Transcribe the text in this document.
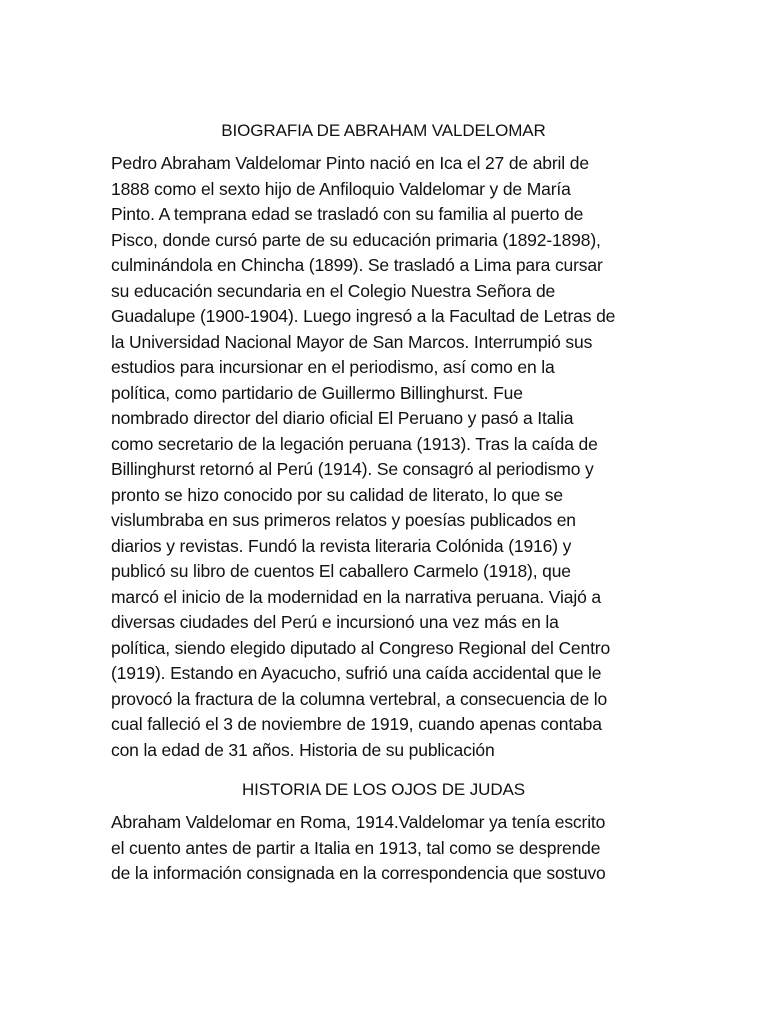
BIOGRAFIA DE ABRAHAM VALDELOMAR
Pedro Abraham Valdelomar Pinto nació en Ica el 27 de abril de
1888 como el sexto hijo de Anfiloquio Valdelomar y de María
Pinto. A temprana edad se trasladó con su familia al puerto de
Pisco, donde cursó parte de su educación primaria (1892-1898),
culminándola en Chincha (1899). Se trasladó a Lima para cursar
su educación secundaria en el Colegio Nuestra Señora de
Guadalupe (1900-1904). Luego ingresó a la Facultad de Letras de
la Universidad Nacional Mayor de San Marcos. Interrumpió sus
estudios para incursionar en el periodismo, así como en la
política, como partidario de Guillermo Billinghurst. Fue
nombrado director del diario oficial El Peruano y pasó a Italia
como secretario de la legación peruana (1913). Tras la caída de
Billinghurst retornó al Perú (1914). Se consagró al periodismo y
pronto se hizo conocido por su calidad de literato, lo que se
vislumbraba en sus primeros relatos y poesías publicados en
diarios y revistas. Fundó la revista literaria Colónida (1916) y
publicó su libro de cuentos El caballero Carmelo (1918), que
marcó el inicio de la modernidad en la narrativa peruana. Viajó a
diversas ciudades del Perú e incursionó una vez más en la
política, siendo elegido diputado al Congreso Regional del Centro
(1919). Estando en Ayacucho, sufrió una caída accidental que le
provocó la fractura de la columna vertebral, a consecuencia de lo
cual falleció el 3 de noviembre de 1919, cuando apenas contaba
con la edad de 31 años. Historia de su publicación
HISTORIA DE LOS OJOS DE JUDAS
Abraham Valdelomar en Roma, 1914.Valdelomar ya tenía escrito
el cuento antes de partir a Italia en 1913, tal como se desprende
de la información consignada en la correspondencia que sostuvo
